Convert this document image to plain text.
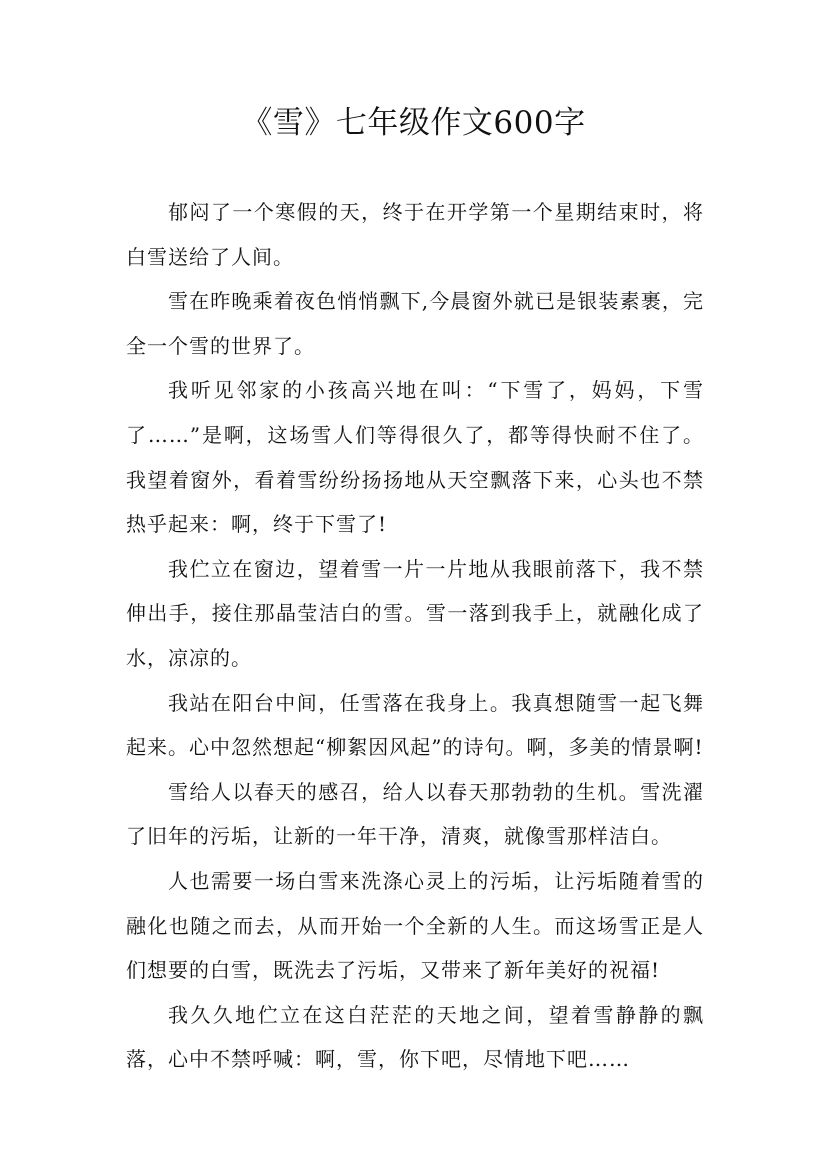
《雪》七年级作文600字

郁闷了一个寒假的天，终于在开学第一个星期结束时，将白雪送给了人间。

雪在昨晚乘着夜色悄悄飘下,今晨窗外就已是银装素裹，完全一个雪的世界了。

我听见邻家的小孩高兴地在叫：“下雪了，妈妈，下雪了……”是啊，这场雪人们等得很久了，都等得快耐不住了。我望着窗外，看着雪纷纷扬扬地从天空飘落下来，心头也不禁热乎起来：啊，终于下雪了!

我伫立在窗边，望着雪一片一片地从我眼前落下，我不禁伸出手，接住那晶莹洁白的雪。雪一落到我手上，就融化成了水，凉凉的。

我站在阳台中间，任雪落在我身上。我真想随雪一起飞舞起来。心中忽然想起“柳絮因风起”的诗句。啊，多美的情景啊!

雪给人以春天的感召，给人以春天那勃勃的生机。雪洗濯了旧年的污垢，让新的一年干净，清爽，就像雪那样洁白。

人也需要一场白雪来洗涤心灵上的污垢，让污垢随着雪的融化也随之而去，从而开始一个全新的人生。而这场雪正是人们想要的白雪，既洗去了污垢，又带来了新年美好的祝福!

我久久地伫立在这白茫茫的天地之间，望着雪静静的飘落，心中不禁呼喊：啊，雪，你下吧，尽情地下吧……
